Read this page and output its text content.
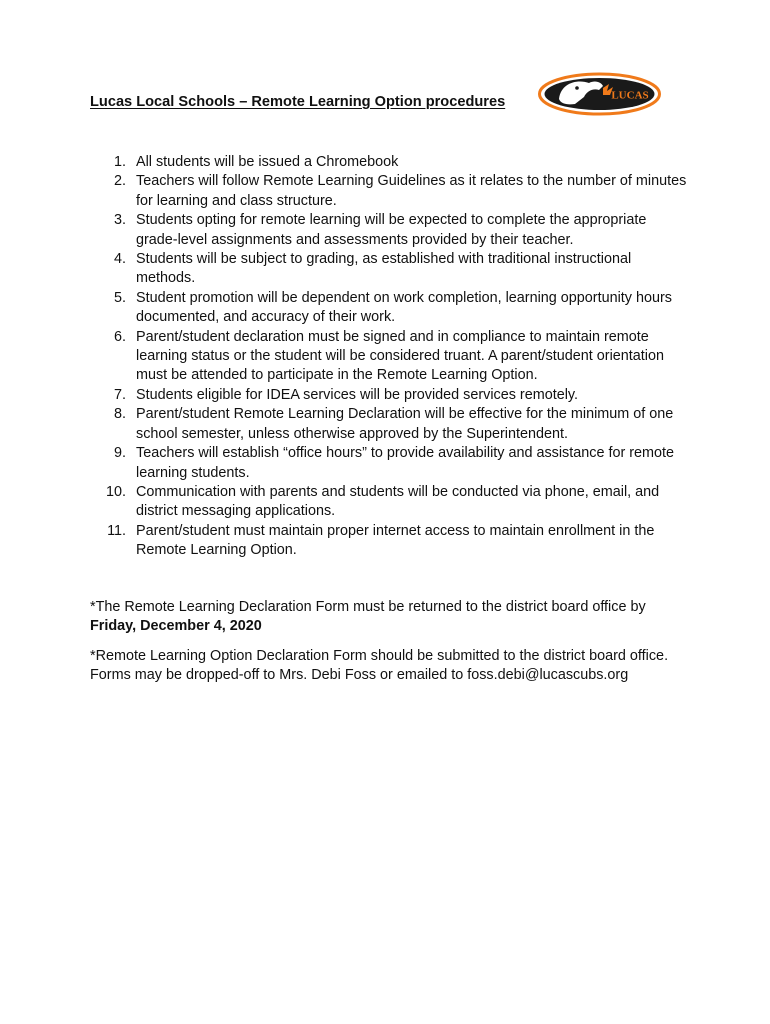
Lucas Local Schools – Remote Learning Option procedures	LUCAS
1. All students will be issued a Chromebook
2. Teachers will follow Remote Learning Guidelines as it relates to the number of minutes for learning and class structure.
3. Students opting for remote learning will be expected to complete the appropriate grade-level assignments and assessments provided by their teacher.
4. Students will be subject to grading, as established with traditional instructional methods.
5. Student promotion will be dependent on work completion, learning opportunity hours documented, and accuracy of their work.
6. Parent/student declaration must be signed and in compliance to maintain remote learning status or the student will be considered truant. A parent/student orientation must be attended to participate in the Remote Learning Option.
7. Students eligible for IDEA services will be provided services remotely.
8. Parent/student Remote Learning Declaration will be effective for the minimum of one school semester, unless otherwise approved by the Superintendent.
9. Teachers will establish “office hours” to provide availability and assistance for remote learning students.
10. Communication with parents and students will be conducted via phone, email, and district messaging applications.
11. Parent/student must maintain proper internet access to maintain enrollment in the Remote Learning Option.

*The Remote Learning Declaration Form must be returned to the district board office by
Friday, December 4, 2020

*Remote Learning Option Declaration Form should be submitted to the district board office. Forms may be dropped-off to Mrs. Debi Foss or emailed to foss.debi@lucascubs.org
